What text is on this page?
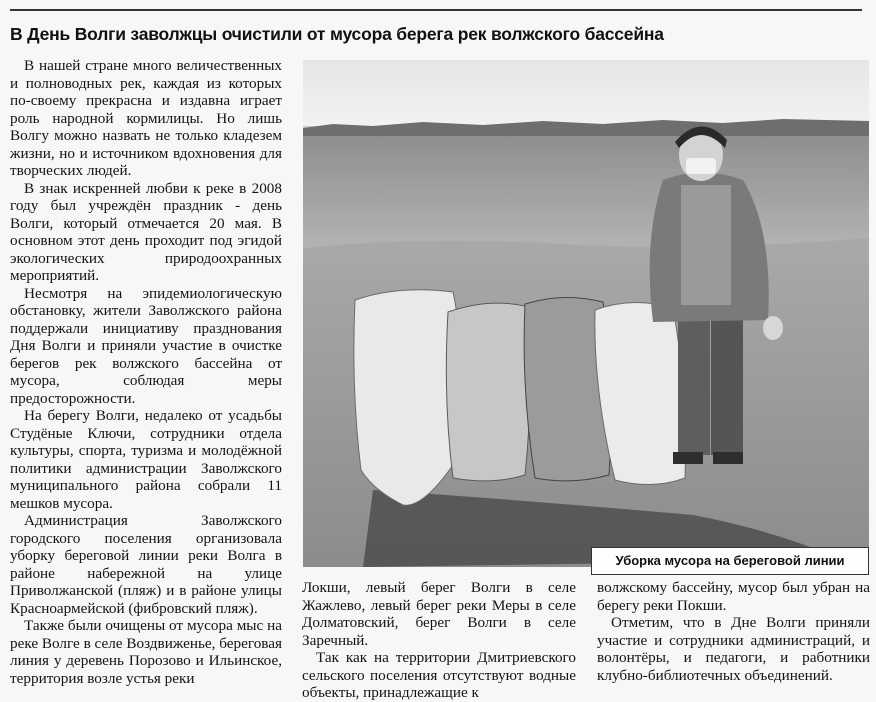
В День Волги заволжцы очистили от мусора берега рек волжского бассейна

В нашей стране много величественных и полноводных рек, каждая из которых по-своему прекрасна и издавна играет роль народной кормилицы. Но лишь Волгу можно назвать не только кладезем жизни, но и источником вдохновения для творческих людей.

В знак искренней любви к реке в 2008 году был учреждён праздник - день Волги, который отмечается 20 мая. В основном этот день проходит под эгидой экологических природоохранных мероприятий.

Несмотря на эпидемиологическую обстановку, жители Заволжского района поддержали инициативу празднования Дня Волги и приняли участие в очистке берегов рек волжского бассейна от мусора, соблюдая меры предосторожности.

На берегу Волги, недалеко от усадьбы Студёные Ключи, сотрудники отдела культуры, спорта, туризма и молодёжной политики администрации Заволжского муниципального района собрали 11 мешков мусора.

Администрация Заволжского городского поселения организовала уборку береговой линии реки Волга в районе набережной на улице Приволжанской (пляж) и в районе улицы Красноармейской (фибровский пляж).

Также были очищены от мусора мыс на реке Волге в селе Воздвиженье, береговая линия у деревень Порозово и Ильинское, территория возле устья реки

Уборка мусора на береговой линии

Локши, левый берег Волги в селе Жажлево, левый берег реки Меры в селе Долматовский, берег Волги в селе Заречный.

Так как на территории Дмитриевского сельского поселения отсутствуют водные объекты, принадлежащие к

волжскому бассейну, мусор был убран на берегу реки Покши.

Отметим, что в Дне Волги приняли участие и сотрудники администраций, и волонтёры, и педагоги, и работники клубно-библиотечных объединений.
